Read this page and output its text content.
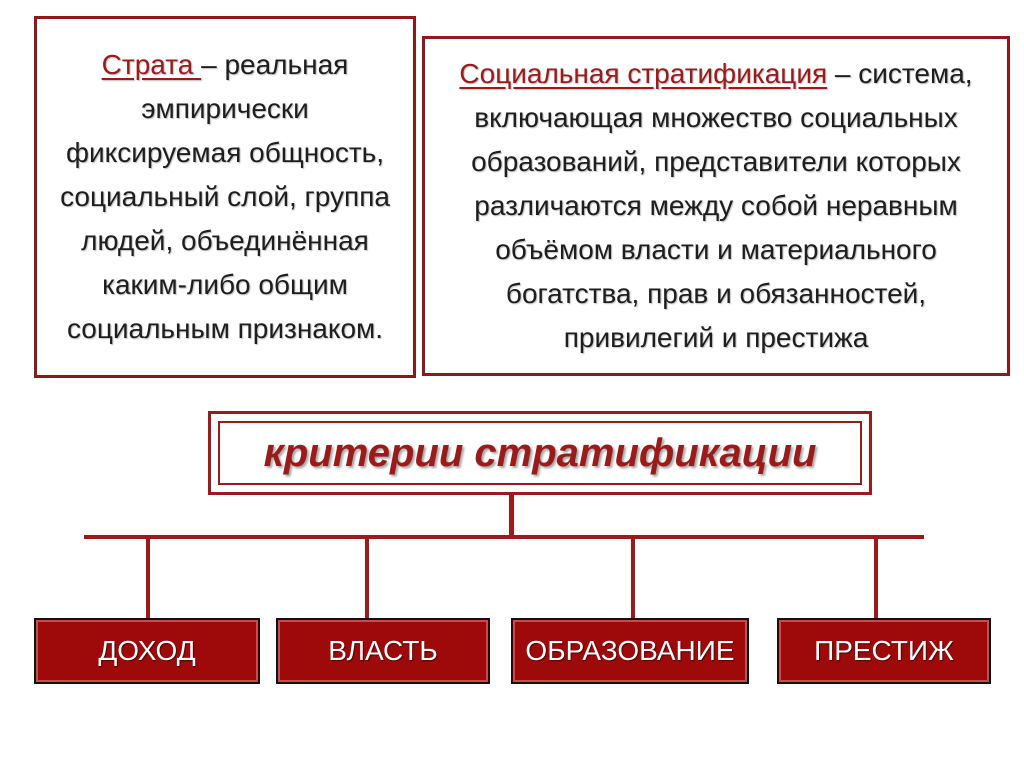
Страта – реальная
эмпирически
фиксируемая общность,
социальный слой, группа
людей, объединённая
каким-либо общим
социальным признаком.
Социальная стратификация – система,
включающая множество социальных
образований, представители которых
различаются между собой неравным
объёмом власти и материального
богатства, прав и обязанностей,
привилегий и престижа
критерии стратификации
ДОХОД	ВЛАСТЬ	ОБРАЗОВАНИЕ	ПРЕСТИЖ
